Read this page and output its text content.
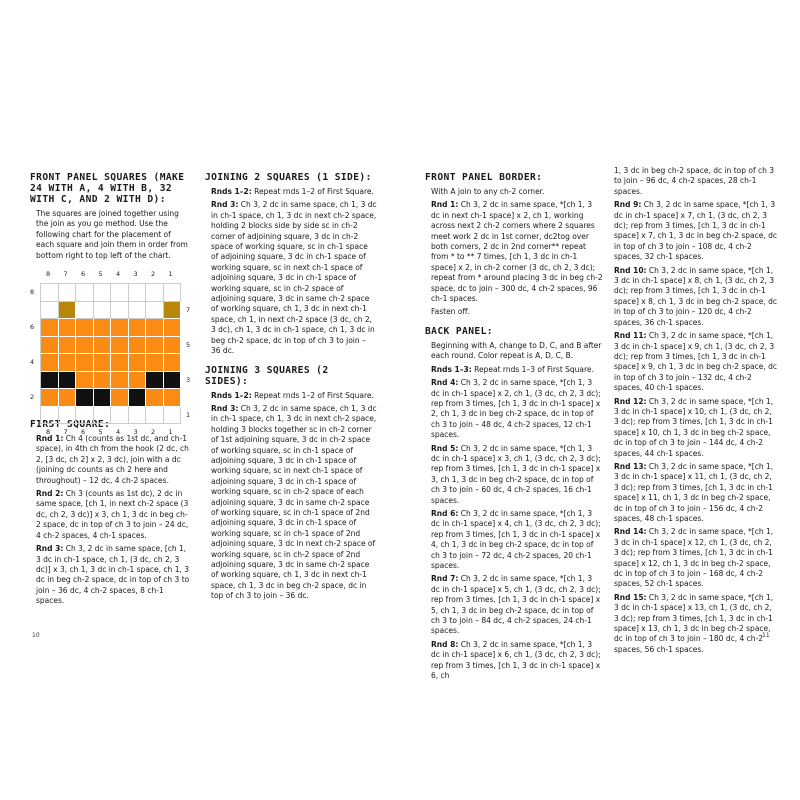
FRONT PANEL SQUARES (MAKE 24 WITH A, 4 WITH B, 32 WITH C, AND 2 WITH D):

The squares are joined together using the join as you go method. Use the following chart for the placement of each square and join them in order from bottom right to top left of the chart.

8 7 6 5 4 3 2 1
8 7 6 5 4 3 2 1
8
6
4
2
7
5
3
1
FIRST SQUARE:

Rnd 1: Ch 4 (counts as 1st dc, and ch-1 space), in 4th ch from the hook (2 dc, ch 2, [3 dc, ch 2] x 2, 3 dc), join with a dc (joining dc counts as ch 2 here and throughout) – 12 dc, 4 ch-2 spaces.

Rnd 2: Ch 3 (counts as 1st dc), 2 dc in same space, [ch 1, in next ch-2 space (3 dc, ch 2, 3 dc)] x 3, ch 1, 3 dc in beg ch-2 space, dc in top of ch 3 to join – 24 dc, 4 ch-2 spaces, 4 ch-1 spaces.

Rnd 3: Ch 3, 2 dc in same space, [ch 1, 3 dc in ch-1 space, ch 1, (3 dc, ch 2, 3 dc)] x 3, ch 1, 3 dc in ch-1 space, ch 1, 3 dc in beg ch-2 space, dc in top of ch 3 to join – 36 dc, 4 ch-2 spaces, 8 ch-1 spaces.

JOINING 2 SQUARES (1 SIDE):

Rnds 1–2: Repeat rnds 1–2 of First Square.

Rnd 3: Ch 3, 2 dc in same space, ch 1, 3 dc in ch-1 space, ch 1, 3 dc in next ch-2 space, holding 2 blocks side by side sc in ch-2 corner of adjoining square, 3 dc in ch-2 space of working square, sc in ch-1 space of adjoining square, 3 dc in ch-1 space of working square, sc in next ch-1 space of adjoining square, 3 dc in ch-1 space of working square, sc in ch-2 space of adjoining square, 3 dc in same ch-2 space of working square, ch 1, 3 dc in next ch-1 space, ch 1, in next ch-2 space (3 dc, ch 2, 3 dc), ch 1, 3 dc in ch-1 space, ch 1, 3 dc in beg ch-2 space, dc in top of ch 3 to join – 36 dc.

JOINING 3 SQUARES (2 SIDES):

Rnds 1–2: Repeat rnds 1–2 of First Square.

Rnd 3: Ch 3, 2 dc in same space, ch 1, 3 dc in ch-1 space, ch 1, 3 dc in next ch-2 space, holding 3 blocks together sc in ch-2 corner of 1st adjoining square, 3 dc in ch-2 space of working square, sc in ch-1 space of adjoining square, 3 dc in ch-1 space of working square, sc in next ch-1 space of adjoining square, 3 dc in ch-1 space of working square, sc in ch-2 space of each adjoining square, 3 dc in same ch-2 space of working square, sc in ch-1 space of 2nd adjoining square, 3 dc in ch-1 space of working square, sc in ch-1 space of 2nd adjoining square, 3 dc in next ch-2 space of working square, sc in ch-2 space of 2nd adjoining square, 3 dc in same ch-2 space of working square, ch 1, 3 dc in next ch-1 space, ch 1, 3 dc in beg ch-2 space, dc in top of ch 3 to join – 36 dc.

FRONT PANEL BORDER:

With A join to any ch-2 corner.

Rnd 1: Ch 3, 2 dc in same space, *[ch 1, 3 dc in next ch-1 space] x 2, ch 1, working across next 2 ch-2 corners where 2 squares meet work 2 dc in 1st corner, dc2tog over both corners, 2 dc in 2nd corner** repeat from * to ** 7 times, [ch 1, 3 dc in ch-1 space] x 2, in ch-2 corner (3 dc, ch 2, 3 dc); repeat from * around placing 3 dc in beg ch-2 space, dc to join – 300 dc, 4 ch-2 spaces, 96 ch-1 spaces.

Fasten off.

BACK PANEL:

Beginning with A, change to D, C, and B after each round. Color repeat is A, D, C, B.

Rnds 1–3: Repeat rnds 1–3 of First Square.

Rnd 4: Ch 3, 2 dc in same space, *[ch 1, 3 dc in ch-1 space] x 2, ch 1, (3 dc, ch 2, 3 dc); rep from 3 times, [ch 1, 3 dc in ch-1 space] x 2, ch 1, 3 dc in beg ch-2 space, dc in top of ch 3 to join – 48 dc, 4 ch-2 spaces, 12 ch-1 spaces.

Rnd 5: Ch 3, 2 dc in same space, *[ch 1, 3 dc in ch-1 space] x 3, ch 1, (3 dc, ch 2, 3 dc); rep from 3 times, [ch 1, 3 dc in ch-1 space] x 3, ch 1, 3 dc in beg ch-2 space, dc in top of ch 3 to join – 60 dc, 4 ch-2 spaces, 16 ch-1 spaces.

Rnd 6: Ch 3, 2 dc in same space, *[ch 1, 3 dc in ch-1 space] x 4, ch 1, (3 dc, ch 2, 3 dc); rep from 3 times, [ch 1, 3 dc in ch-1 space] x 4, ch 1, 3 dc in beg ch-2 space, dc in top of ch 3 to join – 72 dc, 4 ch-2 spaces, 20 ch-1 spaces.

Rnd 7: Ch 3, 2 dc in same space, *[ch 1, 3 dc in ch-1 space] x 5, ch 1, (3 dc, ch 2, 3 dc); rep from 3 times, [ch 1, 3 dc in ch-1 space] x 5, ch 1, 3 dc in beg ch-2 space, dc in top of ch 3 to join – 84 dc, 4 ch-2 spaces, 24 ch-1 spaces.

Rnd 8: Ch 3, 2 dc in same space, *[ch 1, 3 dc in ch-1 space] x 6, ch 1, (3 dc, ch 2, 3 dc); rep from 3 times, [ch 1, 3 dc in ch-1 space] x 6, ch

1, 3 dc in beg ch-2 space, dc in top of ch 3 to join – 96 dc, 4 ch-2 spaces, 28 ch-1 spaces.

Rnd 9: Ch 3, 2 dc in same space, *[ch 1, 3 dc in ch-1 space] x 7, ch 1, (3 dc, ch 2, 3 dc); rep from 3 times, [ch 1, 3 dc in ch-1 space] x 7, ch 1, 3 dc in beg ch-2 space, dc in top of ch 3 to join – 108 dc, 4 ch-2 spaces, 32 ch-1 spaces.

Rnd 10: Ch 3, 2 dc in same space, *[ch 1, 3 dc in ch-1 space] x 8, ch 1, (3 dc, ch 2, 3 dc); rep from 3 times, [ch 1, 3 dc in ch-1 space] x 8, ch 1, 3 dc in beg ch-2 space, dc in top of ch 3 to join – 120 dc, 4 ch-2 spaces, 36 ch-1 spaces.

Rnd 11: Ch 3, 2 dc in same space, *[ch 1, 3 dc in ch-1 space] x 9, ch 1, (3 dc, ch 2, 3 dc); rep from 3 times, [ch 1, 3 dc in ch-1 space] x 9, ch 1, 3 dc in beg ch-2 space, dc in top of ch 3 to join – 132 dc, 4 ch-2 spaces, 40 ch-1 spaces.

Rnd 12: Ch 3, 2 dc in same space, *[ch 1, 3 dc in ch-1 space] x 10, ch 1, (3 dc, ch 2, 3 dc); rep from 3 times, [ch 1, 3 dc in ch-1 space] x 10, ch 1, 3 dc in beg ch-2 space, dc in top of ch 3 to join – 144 dc, 4 ch-2 spaces, 44 ch-1 spaces.

Rnd 13: Ch 3, 2 dc in same space, *[ch 1, 3 dc in ch-1 space] x 11, ch 1, (3 dc, ch 2, 3 dc); rep from 3 times, [ch 1, 3 dc in ch-1 space] x 11, ch 1, 3 dc in beg ch-2 space, dc in top of ch 3 to join – 156 dc, 4 ch-2 spaces, 48 ch-1 spaces.

Rnd 14: Ch 3, 2 dc in same space, *[ch 1, 3 dc in ch-1 space] x 12, ch 1, (3 dc, ch 2, 3 dc); rep from 3 times, [ch 1, 3 dc in ch-1 space] x 12, ch 1, 3 dc in beg ch-2 space, dc in top of ch 3 to join – 168 dc, 4 ch-2 spaces, 52 ch-1 spaces.

Rnd 15: Ch 3, 2 dc in same space, *[ch 1, 3 dc in ch-1 space] x 13, ch 1, (3 dc, ch 2, 3 dc); rep from 3 times, [ch 1, 3 dc in ch-1 space] x 13, ch 1, 3 dc in beg ch-2 space, dc in top of ch 3 to join – 180 dc, 4 ch-2 spaces, 56 ch-1 spaces.

10	11
